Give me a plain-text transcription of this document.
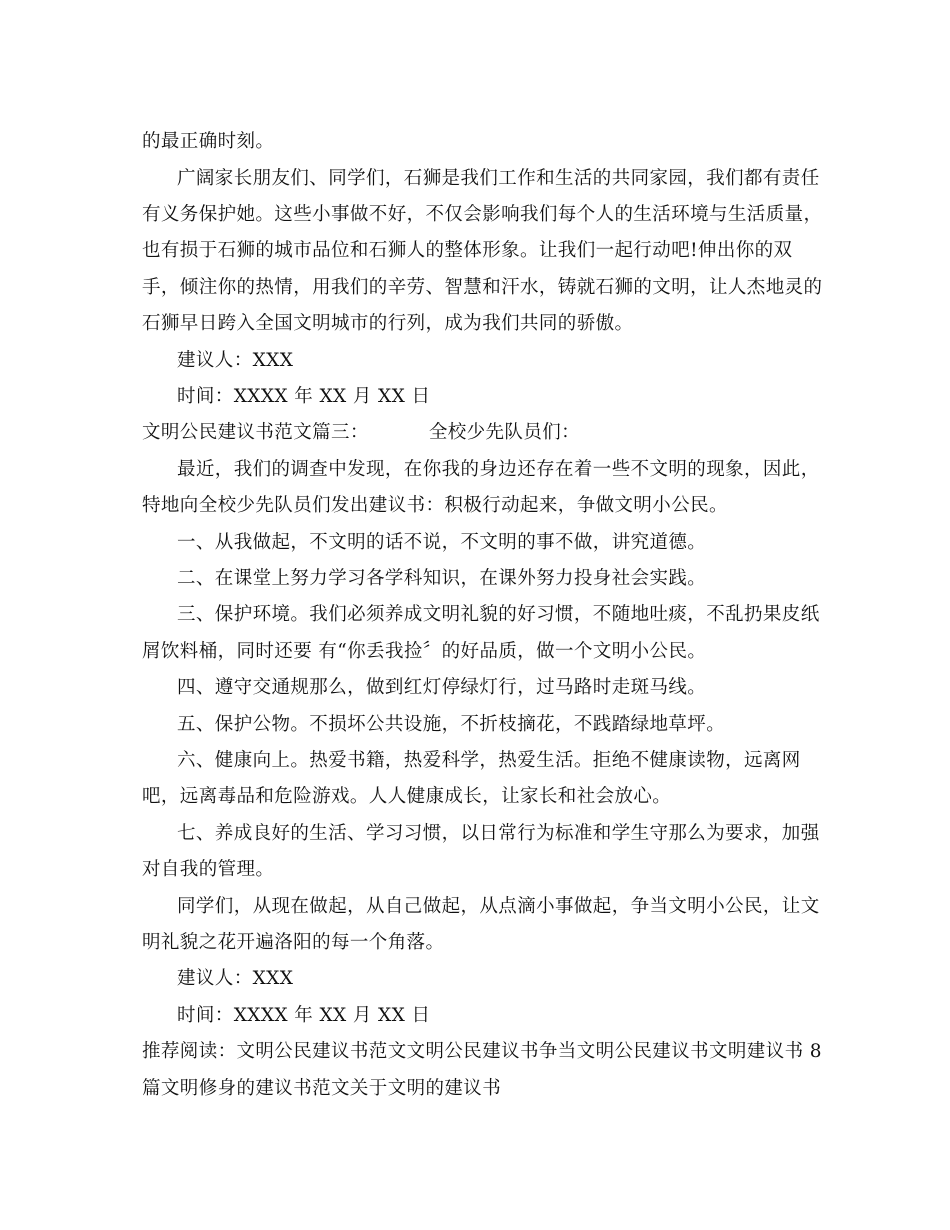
的最正确时刻。
广阔家长朋友们、同学们，石狮是我们工作和生活的共同家园，我们都有责任
有义务保护她。这些小事做不好，不仅会影响我们每个人的生活环境与生活质量，
也有损于石狮的城市品位和石狮人的整体形象。让我们一起行动吧!伸出你的双
手，倾注你的热情，用我们的辛劳、智慧和汗水，铸就石狮的文明，让人杰地灵的
石狮早日跨入全国文明城市的行列，成为我们共同的骄傲。
建议人：XXX
时间：XXXX 年 XX 月 XX 日
文明公民建议书范文篇三：	全校少先队员们：
最近，我们的调查中发现，在你我的身边还存在着一些不文明的现象，因此，
特地向全校少先队员们发出建议书：积极行动起来，争做文明小公民。
一、从我做起，不文明的话不说，不文明的事不做，讲究道德。
二、在课堂上努力学习各学科知识，在课外努力投身社会实践。
三、保护环境。我们必须养成文明礼貌的好习惯，不随地吐痰，不乱扔果皮纸
屑饮料桶，同时还要 有“你丢我捡〞的好品质，做一个文明小公民。
四、遵守交通规那么，做到红灯停绿灯行，过马路时走斑马线。
五、保护公物。不损坏公共设施，不折枝摘花，不践踏绿地草坪。
六、健康向上。热爱书籍，热爱科学，热爱生活。拒绝不健康读物，远离网
吧，远离毒品和危险游戏。人人健康成长，让家长和社会放心。
七、养成良好的生活、学习习惯，以日常行为标准和学生守那么为要求，加强
对自我的管理。
同学们，从现在做起，从自己做起，从点滴小事做起，争当文明小公民，让文
明礼貌之花开遍洛阳的每一个角落。
建议人：XXX
时间：XXXX 年 XX 月 XX 日
推荐阅读：文明公民建议书范文文明公民建议书争当文明公民建议书文明建议书 8
篇文明修身的建议书范文关于文明的建议书
